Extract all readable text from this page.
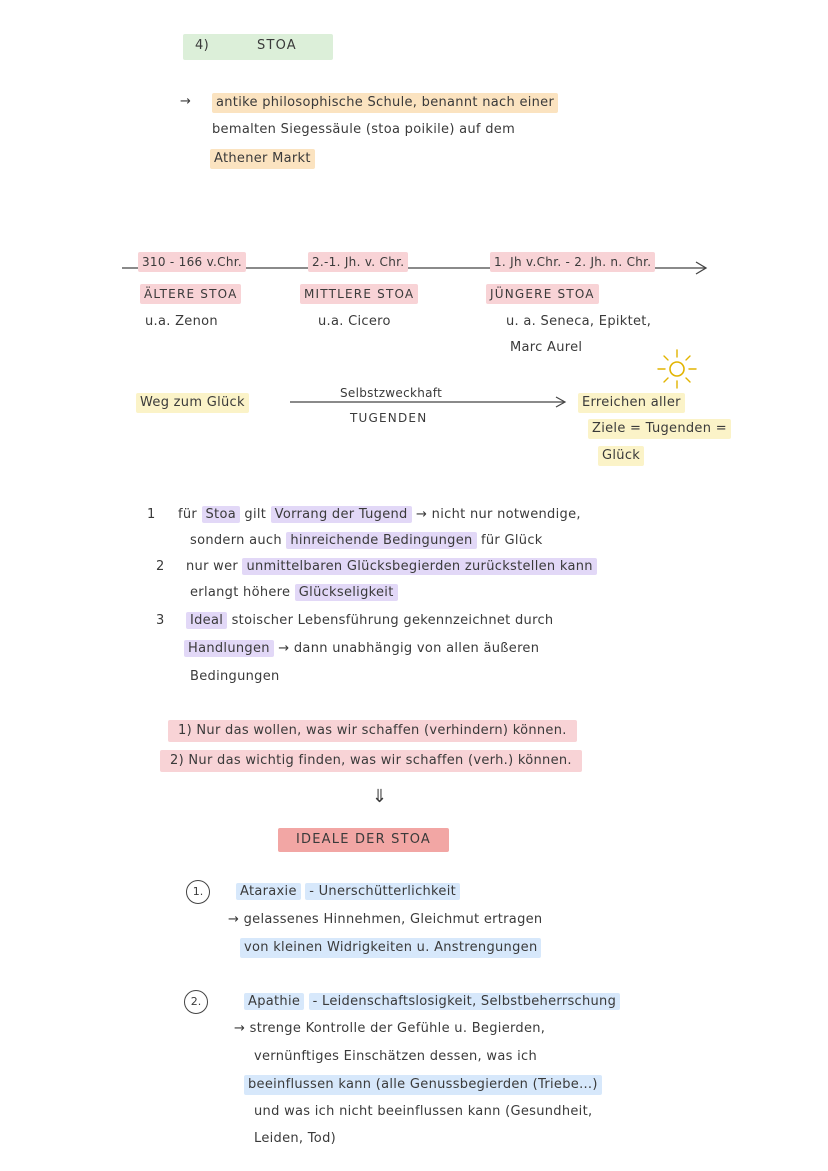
4)	STOA
→	antike philosophische Schule, benannt nach einer
bemalten Siegessäule (stoa poikile) auf dem
Athener Markt
310 - 166 v.Chr.	2.-1. Jh. v. Chr.	1. Jh v.Chr. - 2. Jh. n. Chr.
ÄLTERE STOA	MITTLERE STOA	JÜNGERE STOA
u.a. Zenon	u.a. Cicero	u. a. Seneca, Epiktet,
Marc Aurel
Weg zum Glück
Selbstzweckhaft
TUGENDEN
Erreichen aller
Ziele = Tugenden =
Glück
1 für Stoa gilt Vorrang der Tugend → nicht nur notwendige,
sondern auch hinreichende Bedingungen für Glück
2 nur wer unmittelbaren Glücksbegierden zurückstellen kann
erlangt höhere Glückseligkeit
3	Ideal stoischer Lebensführung gekennzeichnet durch
Handlungen → dann unabhängig von allen äußeren
Bedingungen
1) Nur das wollen, was wir schaffen (verhindern) können.
2) Nur das wichtig finden, was wir schaffen (verh.) können.
⇓
IDEALE DER STOA
1.	Ataraxie - Unerschütterlichkeit
→ gelassenes Hinnehmen, Gleichmut ertragen
von kleinen Widrigkeiten u. Anstrengungen
2.	Apathie - Leidenschaftslosigkeit, Selbstbeherrschung
→ strenge Kontrolle der Gefühle u. Begierden,
vernünftiges Einschätzen dessen, was ich
beeinflussen kann (alle Genussbegierden (Triebe...)
und was ich nicht beeinflussen kann (Gesundheit,
Leiden, Tod)
